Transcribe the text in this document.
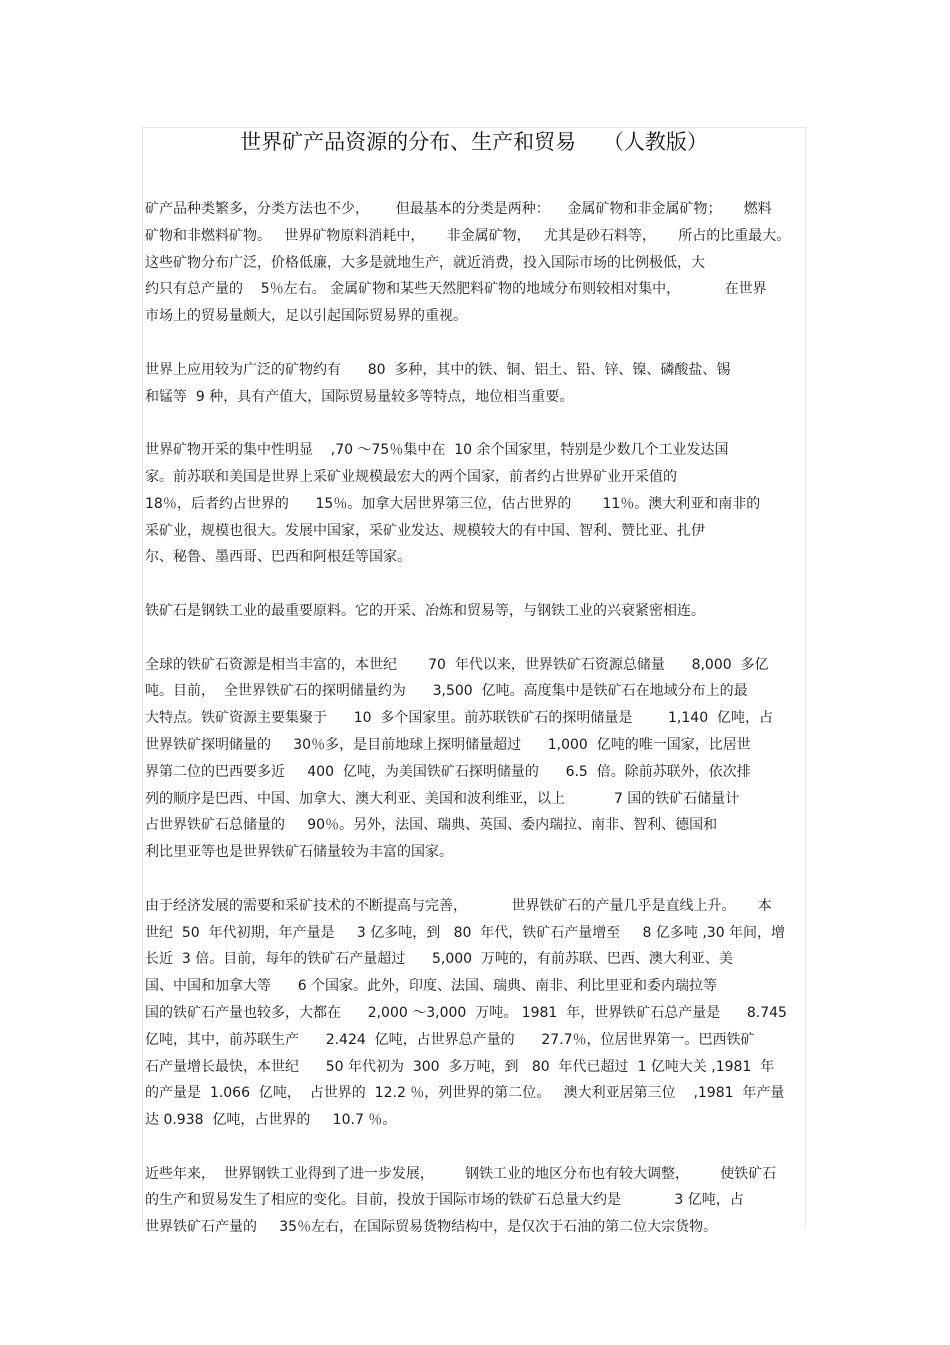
世界矿产品资源的分布、生产和贸易    （人教版）
矿产品种类繁多，分类方法也不少，      但最基本的分类是两种：    金属矿物和非金属矿物；     燃料
矿物和非燃料矿物。   世界矿物原料消耗中，     非金属矿物，   尤其是砂石料等，     所占的比重最大。
这些矿物分布广泛，价格低廉，大多是就地生产，就近消费，投入国际市场的比例极低，大
约只有总产量的    5％左右。 金属矿物和某些天然肥料矿物的地域分布则较相对集中，          在世界
市场上的贸易量颇大，足以引起国际贸易界的重视。
世界上应用较为广泛的矿物约有      80  多种，其中的铁、铜、铝土、铅、锌、镍、磷酸盐、锡
和锰等  9 种，具有产值大，国际贸易量较多等特点，地位相当重要。
世界矿物开采的集中性明显    ,70 ～75％集中在  10 余个国家里，特别是少数几个工业发达国
家。前苏联和美国是世界上采矿业规模最宏大的两个国家，前者约占世界矿业开采值的
18％，后者约占世界的      15％。加拿大居世界第三位，估占世界的       11％。澳大利亚和南非的
采矿业，规模也很大。发展中国家，采矿业发达、规模较大的有中国、智利、赞比亚、扎伊
尔、秘鲁、墨西哥、巴西和阿根廷等国家。
铁矿石是钢铁工业的最重要原料。它的开采、冶炼和贸易等，与钢铁工业的兴衰紧密相连。
全球的铁矿石资源是相当丰富的，本世纪       70  年代以来，世界铁矿石资源总储量      8,000  多亿
吨。目前，  全世界铁矿石的探明储量约为      3,500  亿吨。高度集中是铁矿石在地域分布上的最
大特点。铁矿资源主要集聚于      10  多个国家里。前苏联铁矿石的探明储量是        1,140  亿吨，占
世界铁矿探明储量的     30％多，是目前地球上探明储量超过      1,000  亿吨的唯一国家，比居世
界第二位的巴西要多近     400  亿吨，为美国铁矿石探明储量的      6.5  倍。除前苏联外，依次排
列的顺序是巴西、中国、加拿大、澳大利亚、美国和波利维亚，以上           7 国的铁矿石储量计
占世界铁矿石总储量的     90％。另外，法国、瑞典、英国、委内瑞拉、南非、智利、德国和
利比里亚等也是世界铁矿石储量较为丰富的国家。
由于经济发展的需要和采矿技术的不断提高与完善，          世界铁矿石的产量几乎是直线上升。     本
世纪  50  年代初期，年产量是     3 亿多吨，到   80  年代，铁矿石产量增至     8 亿多吨 ,30 年间，增
长近  3 倍。目前，每年的铁矿石产量超过      5,000  万吨的，有前苏联、巴西、澳大利亚、美
国、中国和加拿大等      6 个国家。此外，印度、法国、瑞典、南非、利比里亚和委内瑞拉等
国的铁矿石产量也较多，大都在      2,000 ～3,000  万吨。 1981  年，世界铁矿石总产量是      8.745
亿吨，其中，前苏联生产      2.424  亿吨，占世界总产量的      27.7％，位居世界第一。巴西铁矿
石产量增长最快，本世纪      50 年代初为  300  多万吨，到   80  年代已超过  1 亿吨大关 ,1981  年
的产量是  1.066  亿吨，  占世界的  12.2 ％，列世界的第二位。   澳大利亚居第三位    ,1981  年产量
达 0.938  亿吨，占世界的     10.7 ％。
近些年来，  世界钢铁工业得到了进一步发展，       钢铁工业的地区分布也有较大调整，       使铁矿石
的生产和贸易发生了相应的变化。目前，投放于国际市场的铁矿石总量大约是            3 亿吨，占
世界铁矿石产量的     35％左右，在国际贸易货物结构中，是仅次于石油的第二位大宗货物。
